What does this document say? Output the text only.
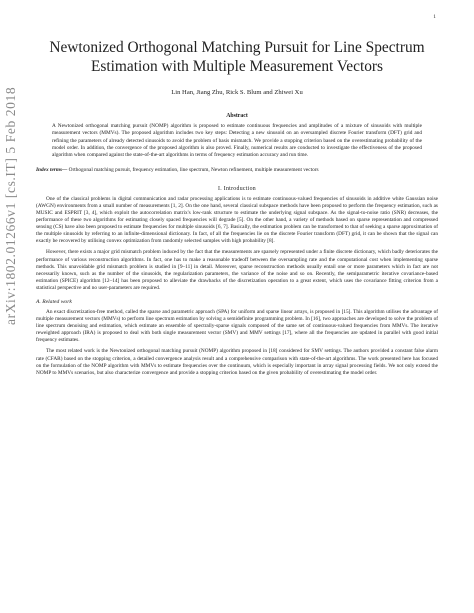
1
arXiv:1802.01266v1 [cs.IT] 5 Feb 2018
Newtonized Orthogonal Matching Pursuit for Line Spectrum Estimation with Multiple Measurement Vectors
Lin Han, Jiang Zhu, Rick S. Blum and Zhiwei Xu
Abstract
A Newtonized orthogonal matching pursuit (NOMP) algorithm is proposed to estimate continuous frequencies and amplitudes of a mixture of sinusoids with multiple measurement vectors (MMVs). The proposed algorithm includes two key steps: Detecting a new sinusoid on an oversampled discrete Fourier transform (DFT) grid and refining the parameters of already detected sinusoids to avoid the problem of basis mismatch. We provide a stopping criterion based on the overestimating probability of the model order. In addition, the convergence of the proposed algorithm is also proved. Finally, numerical results are conducted to investigate the effectiveness of the proposed algorithm when compared against the state-of-the-art algorithms in terms of frequency estimation accuracy and run time.
Index terms— Orthogonal matching pursuit, frequency estimation, line spectrum, Newton refinement, multiple measurement vectors
I. Introduction

One of the classical problems in digital communication and radar processing applications is to estimate continuous-valued frequencies of sinusoids in additive white Gaussian noise (AWGN) environments from a small number of measurements [1, 2]. On the one hand, several classical subspace methods have been proposed to perform the frequency estimation, such as MUSIC and ESPRIT [3, 4], which exploit the autocorrelation matrix's low-rank structure to estimate the underlying signal subspace. As the signal-to-noise ratio (SNR) decreases, the performance of these two algorithms for estimating closely spaced frequencies will degrade [5]. On the other hand, a variety of methods based on sparse representation and compressed sensing (CS) have also been proposed to estimate frequencies for multiple sinusoids [6, 7]. Basically, the estimation problem can be transformed to that of seeking a sparse approximation of the multiple sinusoids by referring to an infinite-dimensional dictionary. In fact, of all the frequencies lie on the discrete Fourier transform (DFT) grid, it can be shown that the signal can exactly be recovered by utilising convex optimization from randomly selected samples with high probability [8].

However, there exists a major grid mismatch problem induced by the fact that the measurements are sparsely represented under a finite discrete dictionary, which badly deteriorates the performance of various reconstruction algorithms. In fact, one has to make a reasonable tradeoff between the oversampling rate and the computational cost when implementing sparse methods. This unavoidable grid mismatch problem is studied in [9–11] in detail. Moreover, sparse reconstruction methods usually entail one or more parameters which in fact are not necessarily known, such as the number of the sinusoids, the regularization parameters, the variance of the noise and so on. Recently, the semiparametric iterative covariance-based estimation (SPICE) algorithm [12–14] has been proposed to alleviate the drawbacks of the discretization operation to a great extent, which uses the covariance fitting criterion from a statistical perspective and no user-parameters are required.

A. Related work

An exact discretization-free method, called the sparse and parametric approach (SPA) for uniform and sparse linear arrays, is proposed in [15]. This algorithm utilises the advantage of multiple measurement vectors (MMVs) to perform line spectrum estimation by solving a semidefinite programming problem. In [16], two approaches are developed to solve the problem of line spectrum denoising and estimation, which estimate an ensemble of spectrally-sparse signals composed of the same set of continuous-valued frequencies from MMVs. The iterative reweighted approach (IRA) is proposed to deal with both single measurement vector (SMV) and MMV settings [17], where all the frequencies are updated in parallel with good initial frequency estimates.

The most related work is the Newtonized orthogonal matching pursuit (NOMP) algorithm proposed in [18] considered for SMV settings. The authors provided a constant false alarm rate (CFAR) based on the stopping criterion, a detailed convergence analysis result and a comprehensive comparison with state-of-the-art algorithms. The work presented here has focused on the formulation of the NOMP algorithm with MMVs to estimate frequencies over the continuum, which is especially important in array signal processing fields. We not only extend the NOMP to MMVs scenarios, but also characterize convergence and provide a stopping criterion based on the given probability of overestimating the model order.
